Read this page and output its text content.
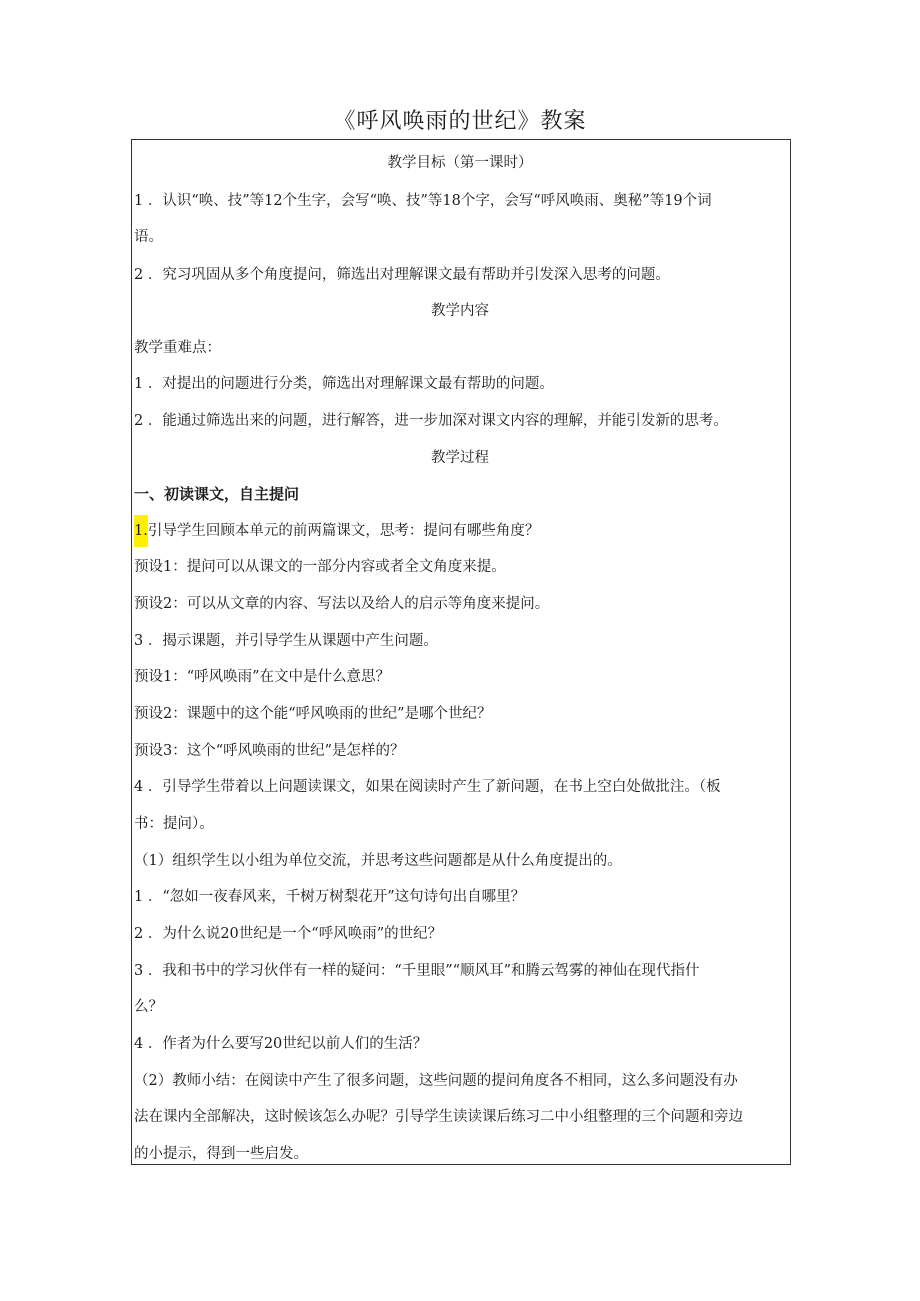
《呼风唤雨的世纪》教案
教学目标（第一课时）
1 ．认识“唤、技”等12个生字，会写“唤、技”等18个字，会写“呼风唤雨、奥秘”等19个词
语。
2 ．究习巩固从多个角度提问，筛选出对理解课文最有帮助并引发深入思考的问题。
教学内容
教学重难点：
1 ．对提出的问题进行分类，筛选出对理解课文最有帮助的问题。
2 ．能通过筛选出来的问题，进行解答，进一步加深对课文内容的理解，并能引发新的思考。
教学过程
一、初读课文，自主提问
1.引导学生回顾本单元的前两篇课文，思考：提问有哪些角度？
预设1：提问可以从课文的一部分内容或者全文角度来提。
预设2：可以从文章的内容、写法以及给人的启示等角度来提问。
3 ．揭示课题，并引导学生从课题中产生问题。
预设1：“呼风唤雨”在文中是什么意思？
预设2：课题中的这个能“呼风唤雨的世纪”是哪个世纪？
预设3：这个“呼风唤雨的世纪”是怎样的？
4 ．引导学生带着以上问题读课文，如果在阅读时产生了新问题，在书上空白处做批注。（板
书：提问）。
（1）组织学生以小组为单位交流，并思考这些问题都是从什么角度提出的。
1 ．“忽如一夜春风来，千树万树梨花开”这句诗句出自哪里？
2 ．为什么说20世纪是一个“呼风唤雨”的世纪？
3 ．我和书中的学习伙伴有一样的疑问：“千里眼”“顺风耳”和腾云驾雾的神仙在现代指什
么？
4 ．作者为什么要写20世纪以前人们的生活？
（2）教师小结：在阅读中产生了很多问题，这些问题的提问角度各不相同，这么多问题没有办
法在课内全部解决，这时候该怎么办呢？引导学生读读课后练习二中小组整理的三个问题和旁边
的小提示，得到一些启发。
